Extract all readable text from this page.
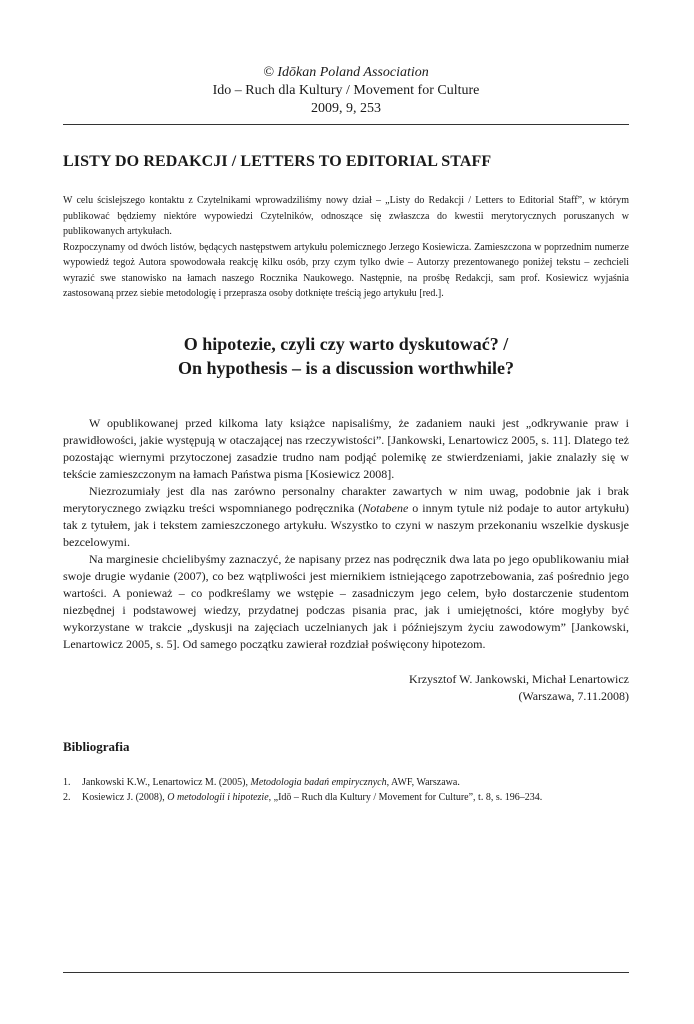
© Idōkan Poland Association
Ido – Ruch dla Kultury / Movement for Culture
2009, 9, 253
LISTY DO REDAKCJI / LETTERS TO EDITORIAL STAFF

W celu ścislejszego kontaktu z Czytelnikami wprowadziliśmy nowy dział – „Listy do Redakcji / Letters to Editorial Staff”, w którym publikować będziemy niektóre wypowiedzi Czytelników, odnoszące się zwłaszcza do kwestii merytorycznych poruszanych w publikowanych artykułach.

Rozpoczynamy od dwóch listów, będących następstwem artykułu polemicznego Jerzego Kosiewicza. Zamieszczona w poprzednim numerze wypowiedź tegoż Autora spowodowała reakcję kilku osób, przy czym tylko dwie – Autorzy prezentowanego poniżej tekstu – zechcieli wyrazić swe stanowisko na łamach naszego Rocznika Naukowego. Następnie, na prośbę Redakcji, sam prof. Kosiewicz wyjaśnia zastosowaną przez siebie metodologię i przeprasza osoby dotknięte treścią jego artykułu [red.].

O hipotezie, czyli czy warto dyskutować? /
On hypothesis – is a discussion worthwhile?

W opublikowanej przed kilkoma laty książce napisaliśmy, że zadaniem nauki jest „odkrywanie praw i prawidłowości, jakie występują w otaczającej nas rzeczywistości”. [Jankowski, Lenartowicz 2005, s. 11]. Dlatego też pozostając wiernymi przytoczonej zasadzie trudno nam podjąć polemikę ze stwierdzeniami, jakie znalazły się w tekście zamieszczonym na łamach Państwa pisma [Kosiewicz 2008].

Niezrozumiały jest dla nas zarówno personalny charakter zawartych w nim uwag, podobnie jak i brak merytorycznego związku treści wspomnianego podręcznika (Notabene o innym tytule niż podaje to autor artykułu) tak z tytułem, jak i tekstem zamieszczonego artykułu. Wszystko to czyni w naszym przekonaniu wszelkie dyskusje bezcelowymi.

Na marginesie chcielibyśmy zaznaczyć, że napisany przez nas podręcznik dwa lata po jego opublikowaniu miał swoje drugie wydanie (2007), co bez wątpliwości jest miernikiem istniejącego zapotrzebowania, zaś pośrednio jego wartości. A ponieważ – co podkreślamy we wstępie – zasadniczym jego celem, było dostarczenie studentom niezbędnej i podstawowej wiedzy, przydatnej podczas pisania prac, jak i umiejętności, które mogłyby być wykorzystane w trakcie „dyskusji na zajęciach uczelnianych jak i późniejszym życiu zawodowym” [Jankowski, Lenartowicz 2005, s. 5]. Od samego początku zawierał rozdział poświęcony hipotezom.

Krzysztof W. Jankowski, Michał Lenartowicz
(Warszawa, 7.11.2008)
Bibliografia
1.	Jankowski K.W., Lenartowicz M. (2005), Metodologia badań empirycznych, AWF, Warszawa.
2.	Kosiewicz J. (2008), O metodologii i hipotezie, „Idō – Ruch dla Kultury / Movement for Culture”, t. 8, s. 196–234.
